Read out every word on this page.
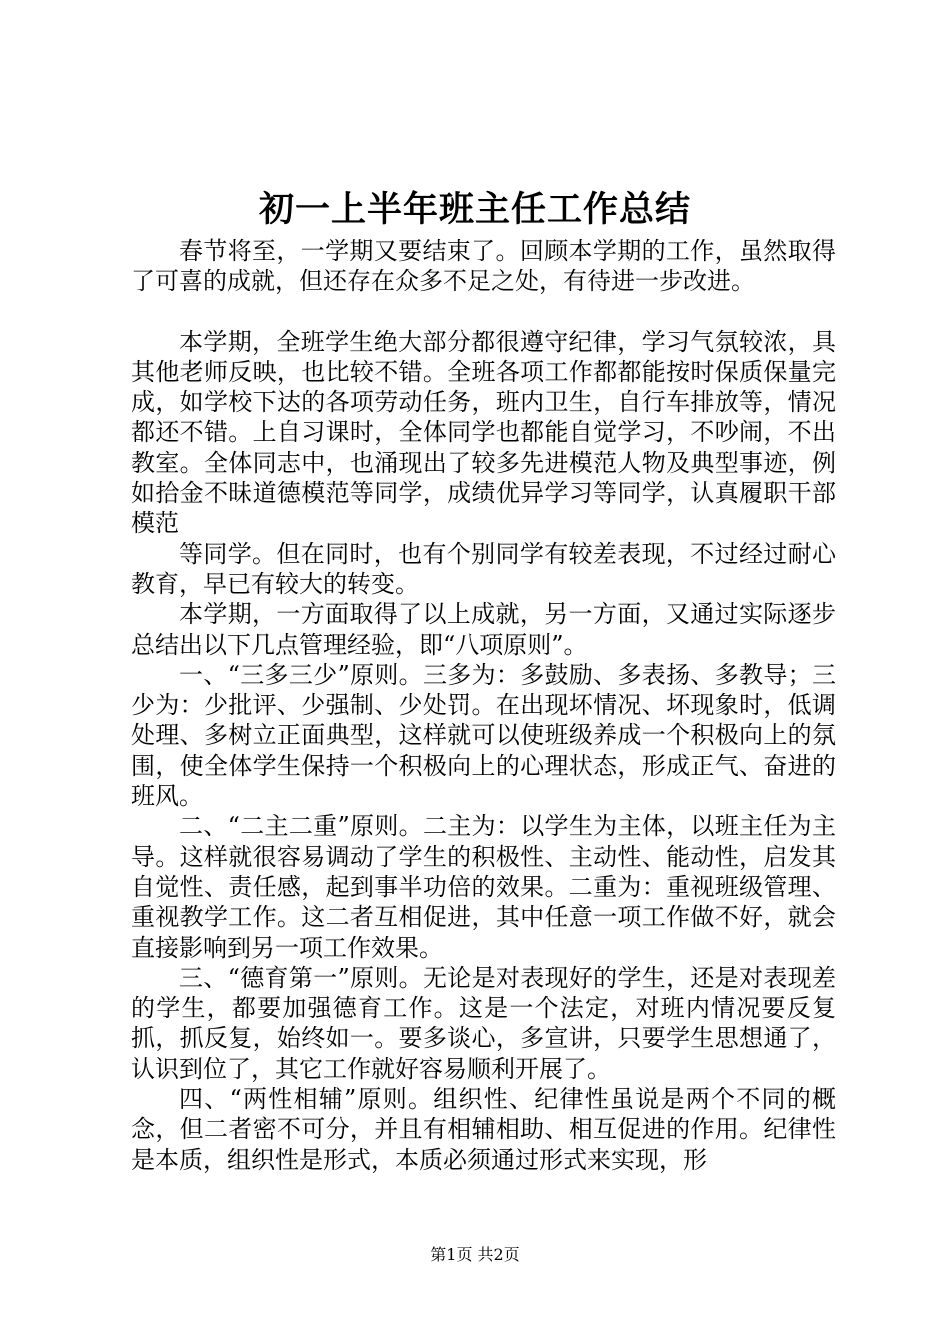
初一上半年班主任工作总结

春节将至，一学期又要结束了。回顾本学期的工作，虽然取得了可喜的成就，但还存在众多不足之处，有待进一步改进。

本学期，全班学生绝大部分都很遵守纪律，学习气氛较浓，具其他老师反映，也比较不错。全班各项工作都都能按时保质保量完成，如学校下达的各项劳动任务，班内卫生，自行车排放等，情况都还不错。上自习课时，全体同学也都能自觉学习，不吵闹，不出教室。全体同志中，也涌现出了较多先进模范人物及典型事迹，例如拾金不昧道德模范等同学，成绩优异学习等同学，认真履职干部模范

等同学。但在同时，也有个别同学有较差表现，不过经过耐心教育，早已有较大的转变。

本学期，一方面取得了以上成就，另一方面，又通过实际逐步总结出以下几点管理经验，即“八项原则”。

一、“三多三少”原则。三多为：多鼓励、多表扬、多教导；三少为：少批评、少强制、少处罚。在出现坏情况、坏现象时，低调处理、多树立正面典型，这样就可以使班级养成一个积极向上的氛围，使全体学生保持一个积极向上的心理状态，形成正气、奋进的班风。

二、“二主二重”原则。二主为：以学生为主体，以班主任为主导。这样就很容易调动了学生的积极性、主动性、能动性，启发其自觉性、责任感，起到事半功倍的效果。二重为：重视班级管理、重视教学工作。这二者互相促进，其中任意一项工作做不好，就会直接影响到另一项工作效果。

三、“德育第一”原则。无论是对表现好的学生，还是对表现差的学生，都要加强德育工作。这是一个法定，对班内情况要反复抓，抓反复，始终如一。要多谈心，多宣讲，只要学生思想通了，认识到位了，其它工作就好容易顺利开展了。

四、“两性相辅”原则。组织性、纪律性虽说是两个不同的概念，但二者密不可分，并且有相辅相助、相互促进的作用。纪律性是本质，组织性是形式，本质必须通过形式来实现，形

第1页 共2页
